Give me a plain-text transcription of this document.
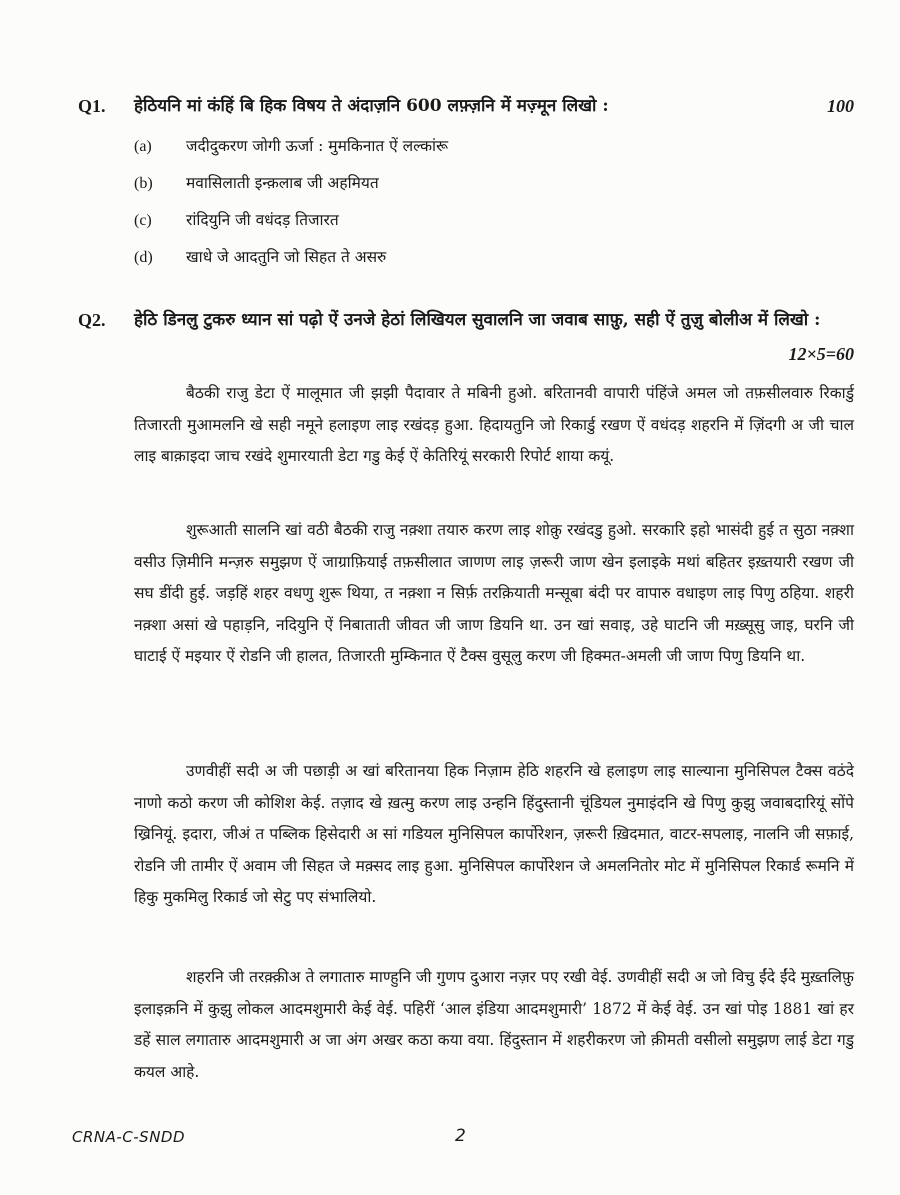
Q1. हेठियनि मां कंहिं बि हिक विषय ते अंदाज़नि 600 लफ़्ज़नि में मज़्मून लिखो :	100
(a) जदीदुकरण जोगी ऊर्जा : मुमकिनात ऐं लल्कांरू
(b) मवासिलाती इन्क़लाब जी अहमियत
(c) रांदियुनि जी वधंदड़ तिजारत
(d) खाधे जे आदतुनि जो सिहत ते असरु
Q2. हेठि डिनलु टुकरु ध्यान सां पढ़ो ऐं उनजे हेठां लिखियल सुवालनि जा जवाब साफ़ु, सही ऐं तुज़ु बोलीअ में लिखो :
12×5=60

बैठकी राजु डेटा ऐं मालूमात जी झझी पैदावार ते मबिनी हुओ. बरितानवी वापारी पंहिंजे अमल जो तफ़सीलवारु रिकार्डु तिजारती मुआमलनि खे सही नमूने हलाइण लाइ रखंदड़ हुआ. हिदायतुनि जो रिकार्डु रखण ऐं वधंदड़ शहरनि में ज़िंदगी अ जी चाल लाइ बाक़ाइदा जाच रखंदे शुमारयाती डेटा गडु केई ऐं केतिरियूं सरकारी रिपोर्ट शाया कयूं.

शुरूआती सालनि खां वठी बैठकी राजु नक़्शा तयारु करण लाइ शोक़ु रखंदडु हुओ. सरकारि इहो भासंदी हुई त सुठा नक़्शा वसीउ ज़िमीनि मन्ज़रु समुझण ऐं जाग्राफ़ियाई तफ़सीलात जाणण लाइ ज़रूरी जाण खेन इलाइके मथां बहितर इख़्तयारी रखण जी सघ डींदी हुई. जड़हिं शहर वधणु शुरू थिया, त नक़्शा न सिर्फ़ तरक़ियाती मन्सूबा बंदी पर वापारु वधाइण लाइ पिणु ठहिया. शहरी नक़्शा असां खे पहाड़नि, नदियुनि ऐं निबाताती जीवत जी जाण डियनि था. उन खां सवाइ, उहे घाटनि जी मख़्सूसु जाइ, घरनि जी घाटाई ऐं मइयार ऐं रोडनि जी हालत, तिजारती मुम्किनात ऐं टैक्स वुसूलु करण जी हिक्मत-अमली जी जाण पिणु डियनि था.

उणवीहीं सदी अ जी पछाड़ी अ खां बरितानया हिक निज़ाम हेठि शहरनि खे हलाइण लाइ साल्याना मुनिसिपल टैक्स वठंदे नाणो कठो करण जी कोशिश केई. तज़ाद खे ख़त्मु करण लाइ उन्हनि हिंदुस्तानी चूंडियल नुमाइंदनि खे पिणु कुझु जवाबदारियूं सोंपे ख्रिनियूं. इदारा, जीअं त पब्लिक हिसेदारी अ सां गडियल मुनिसिपल कार्पोरेशन, ज़रूरी ख़िदमात, वाटर-सपलाइ, नालनि जी सफ़ाई, रोडनि जी तामीर ऐं अवाम जी सिहत जे मक़्सद लाइ हुआ. मुनिसिपल कार्पोरेशन जे अमलनितोर मोट में मुनिसिपल रिकार्ड रूमनि में हिकु मुकमिलु रिकार्ड जो सेटु पए संभालियो.

शहरनि जी तरक़्क़ीअ ते लगातारु माण्हुनि जी गुणप दुआरा नज़र पए रखी वेई. उणवीहीं सदी अ जो विचु ईंदे ईंदे मुख़्तलिफ़ु इलाइक़नि में कुझु लोकल आदमशुमारी केई वेई. पहिरीं ‘आल इंडिया आदमशुमारी’ 1872 में केई वेई. उन खां पोइ 1881 खां हर डहें साल लगातारु आदमशुमारी अ जा अंग अखर कठा कया वया. हिंदुस्तान में शहरीकरण जो क़ीमती वसीलो समुझण लाई डेटा गडु कयल आहे.

CRNA-C-SNDD	2
